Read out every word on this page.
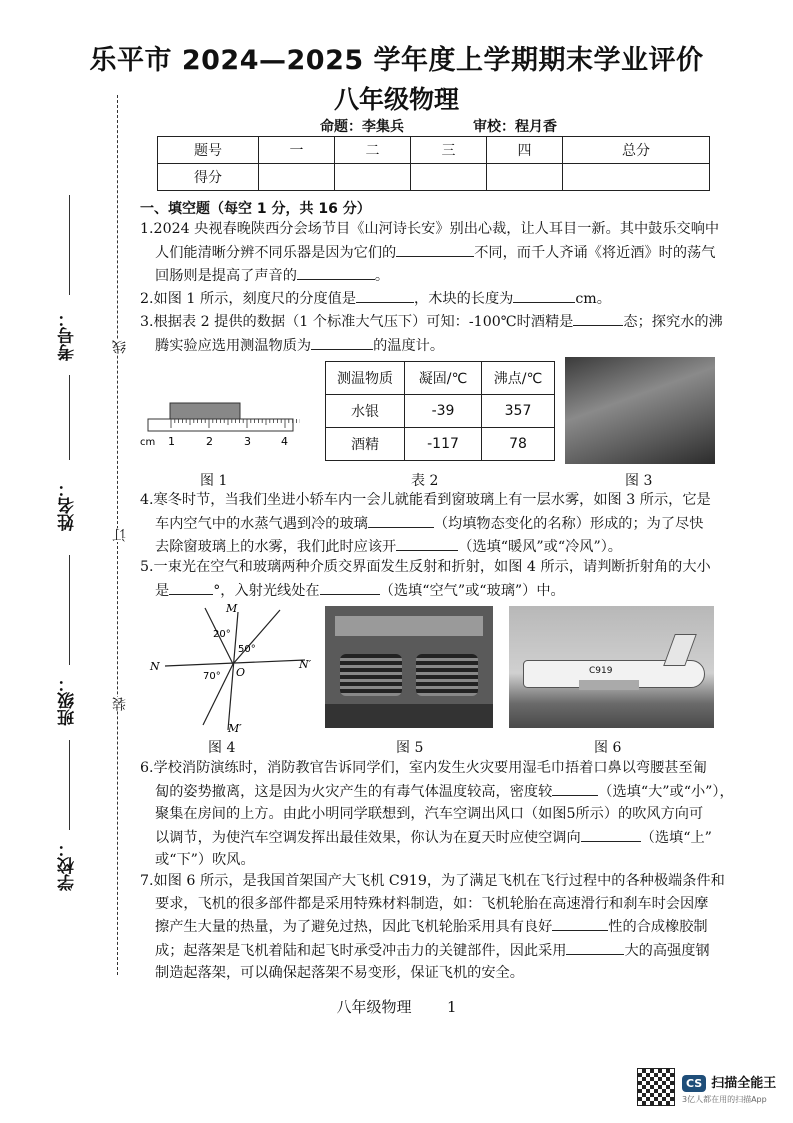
乐平市 2024—2025 学年度上学期期末学业评价
八年级物理
命题：李集兵	审校：程月香
题号	一	二	三	四	总分
得分					
考号：
姓名：
班级：
学校：
线
订
装
一、填空题（每空 1 分，共 16 分）
1.2024 央视春晚陕西分会场节目《山河诗长安》别出心裁，让人耳目一新。其中鼓乐交响中
人们能清晰分辨不同乐器是因为它们的	不同，而千人齐诵《将近酒》时的荡气
回肠则是提高了声音的	。
2.如图 1 所示，刻度尺的分度值是	，木块的长度为	cm。
3.根据表 2 提供的数据（1 个标准大气压下）可知：-100℃时酒精是	态；探究水的沸
腾实验应选用测温物质为	的温度计。
cm 1	2	3	4
图 1
测温物质	凝固/℃	沸点/℃
水银	-39	357
酒精	-117	78
表 2	图 3
4.寒冬时节，当我们坐进小轿车内一会儿就能看到窗玻璃上有一层水雾，如图 3 所示，它是
车内空气中的水蒸气遇到冷的玻璃	（均填物态变化的名称）形成的；为了尽快
去除窗玻璃上的水雾，我们此时应该开	（选填“暖风”或“冷风”）。
5.一束光在空气和玻璃两种介质交界面发生反射和折射，如图 4 所示，请判断折射角的大小
是	°，入射光线处在	（选填“空气”或“玻璃”）中。
M
N	N′
M′
O
20°
50°
70°
图 4	图 5
C919
图 6
6.学校消防演练时，消防教官告诉同学们，室内发生火灾要用湿毛巾捂着口鼻以弯腰甚至匍
匐的姿势撤离，这是因为火灾产生的有毒气体温度较高，密度较	（选填“大”或“小”），
聚集在房间的上方。由此小明同学联想到，汽车空调出风口（如图5所示）的吹风方向可
以调节，为使汽车空调发挥出最佳效果，你认为在夏天时应使空调向	（选填“上”
或“下”）吹风。
7.如图 6 所示，是我国首架国产大飞机 C919，为了满足飞机在飞行过程中的各种极端条件和
要求，飞机的很多部件都是采用特殊材料制造，如：飞机轮胎在高速滑行和刹车时会因摩
擦产生大量的热量，为了避免过热，因此飞机轮胎采用具有良好	性的合成橡胶制
成；起落架是飞机着陆和起飞时承受冲击力的关键部件，因此采用	大的高强度钢
制造起落架，可以确保起落架不易变形，保证飞机的安全。
八年级物理 1
CS 扫描全能王
3亿人都在用的扫描App
